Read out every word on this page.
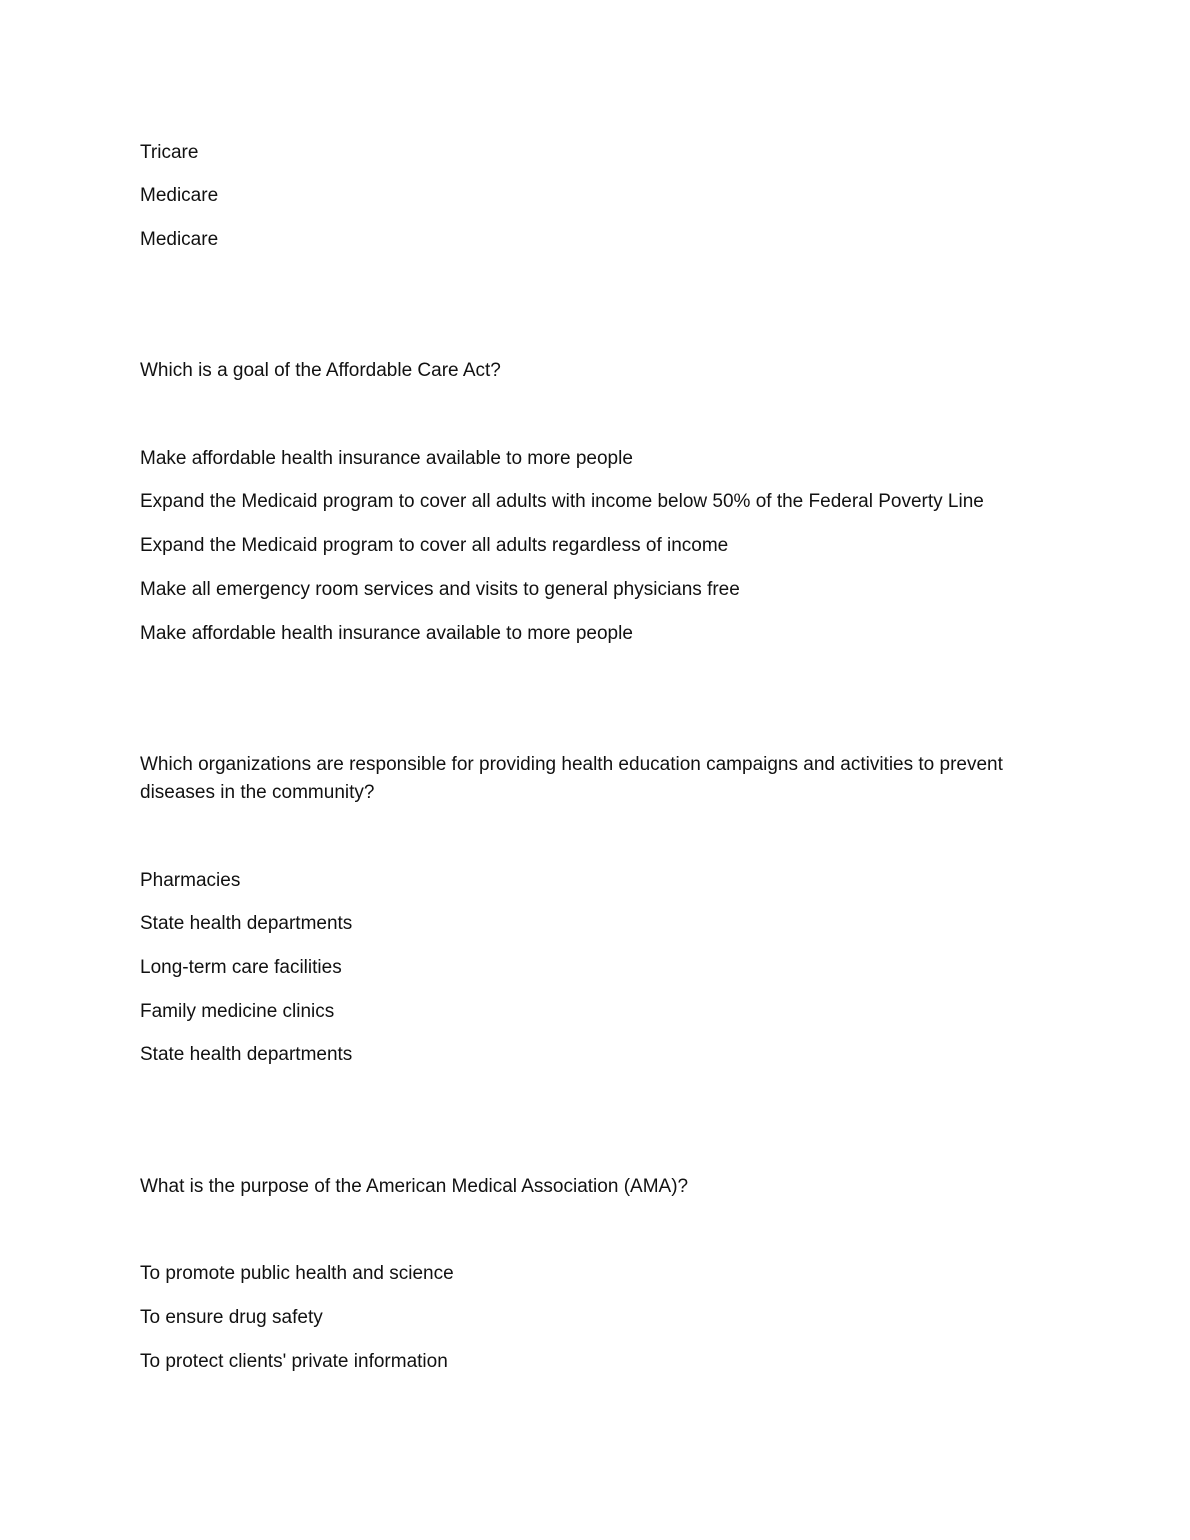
Tricare
Medicare
Medicare
Which is a goal of the Affordable Care Act?
Make affordable health insurance available to more people
Expand the Medicaid program to cover all adults with income below 50% of the Federal Poverty Line
Expand the Medicaid program to cover all adults regardless of income
Make all emergency room services and visits to general physicians free
Make affordable health insurance available to more people
Which organizations are responsible for providing health education campaigns and activities to prevent diseases in the community?
Pharmacies
State health departments
Long-term care facilities
Family medicine clinics
State health departments
What is the purpose of the American Medical Association (AMA)?
To promote public health and science
To ensure drug safety
To protect clients' private information
